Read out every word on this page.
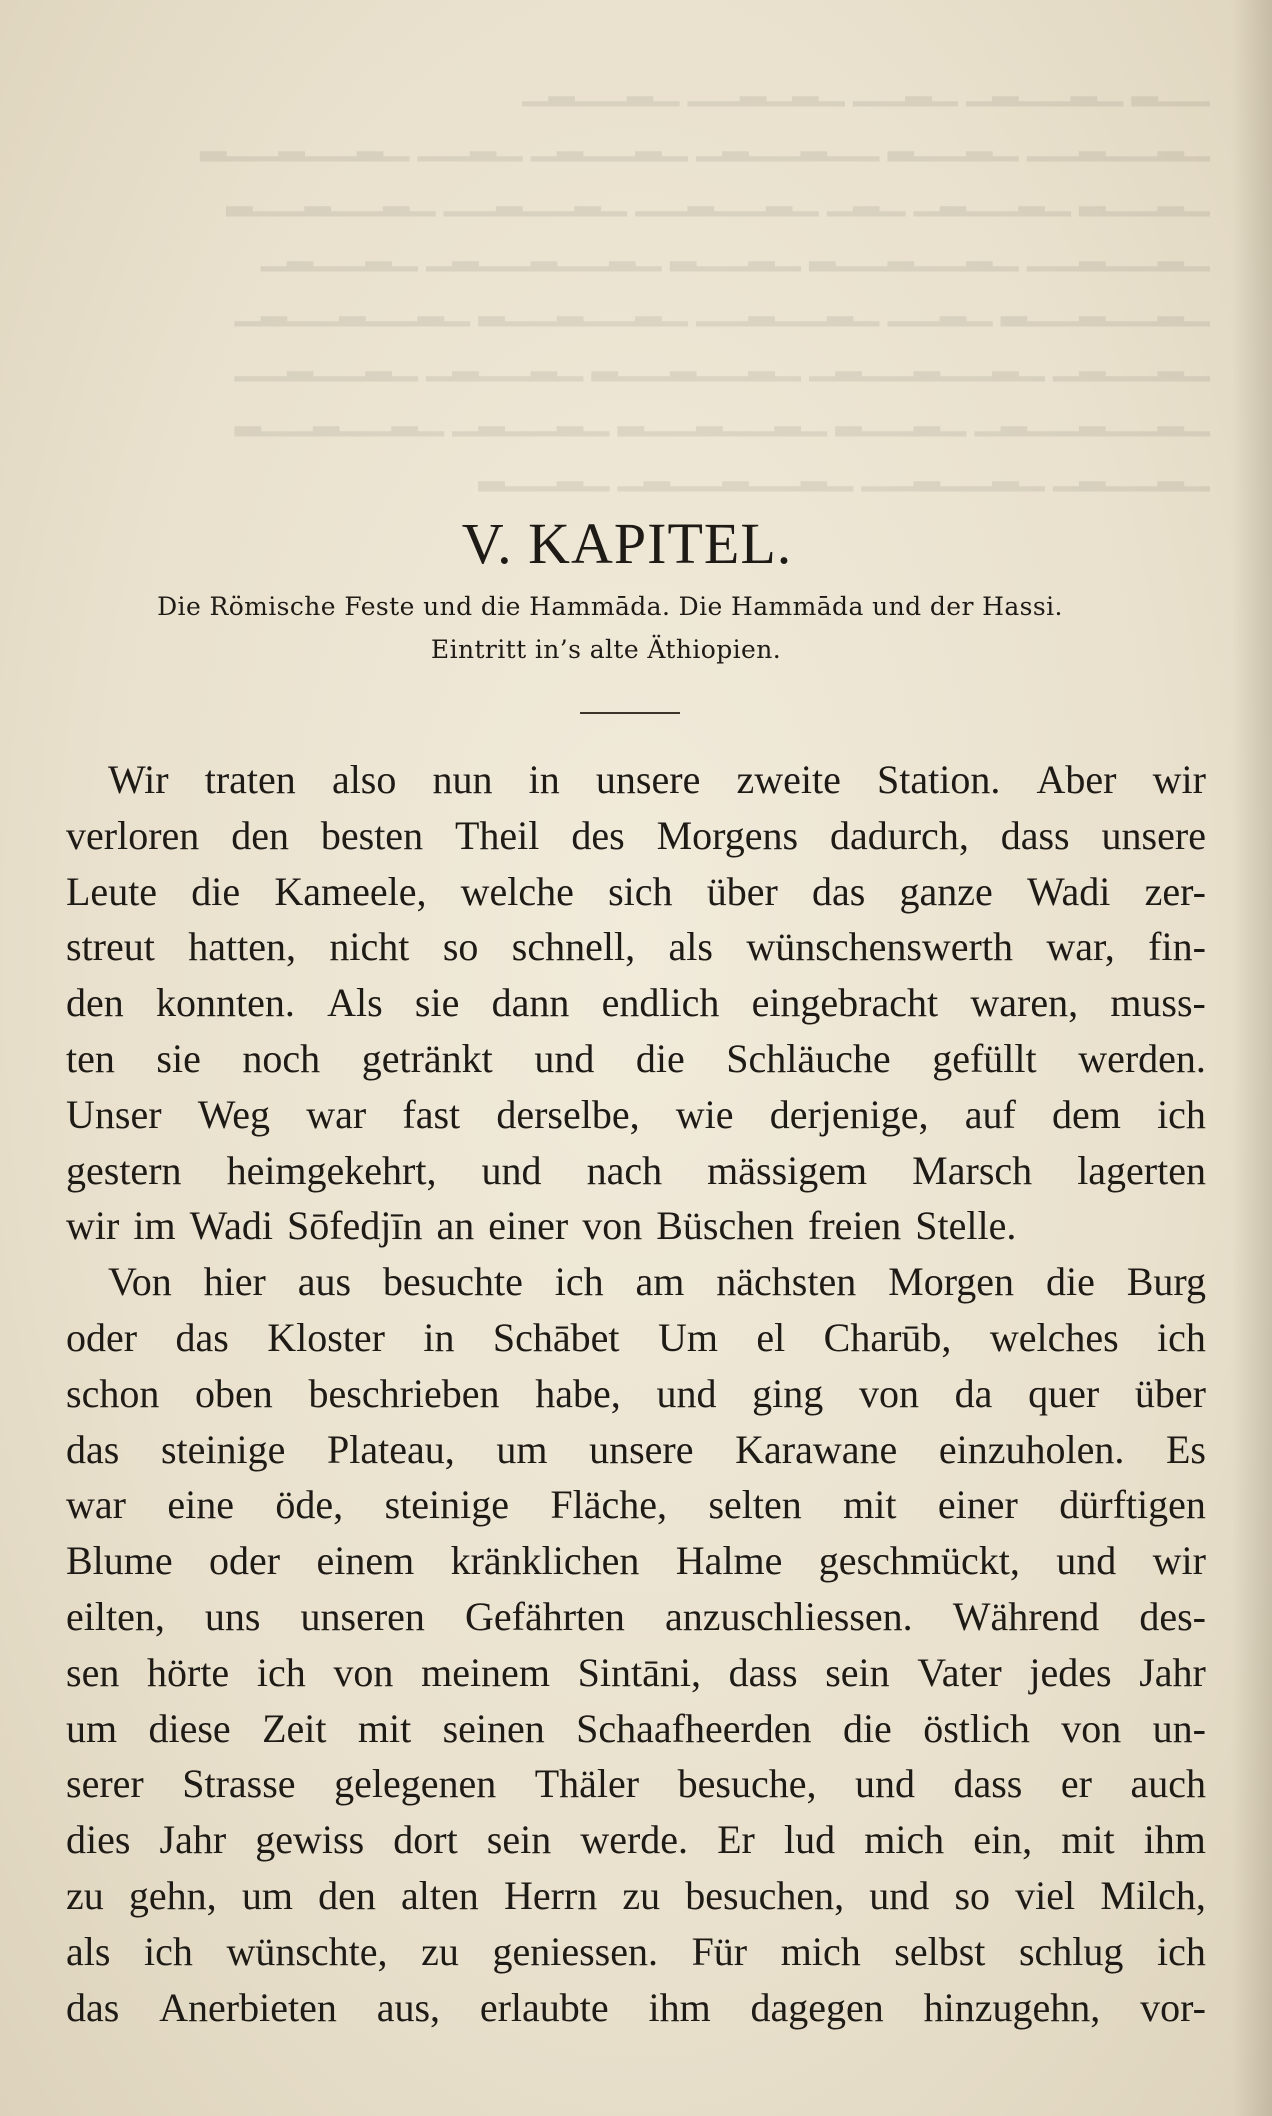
▁▁▂ ▁▂▁▁▂▁ ▁▂▁▁ ▁▂▁▂▁▁ ▁▂▁▁▂▁
▁▂▁▁▂▁▁ ▁▂▁▁▂ ▁▁▂▁▁▂▁ ▁▂▁▁▂▁ ▁▂▁▁ ▁▂▁▁▂▁▁▂
▁▂▁▁▂ ▁▂▁▁▂▁ ▁▂▁ ▁▂▁▁▂▁▁ ▁▂▁▁▂▁▁ ▁▂▁▁▂▁▁▂
▁▂▁▁▂▁▁ ▁▂▁▁▂▁▁▂ ▁▂▁▁▂ ▁▂▁▁▂▁▁▂▁ ▁▂▁▁▂▁
▁▂▁▁▂▁▁▂ ▁▂▁▁ ▁▂▁▁▂▁▁ ▁▂▁▁▂▁▁▂ ▁▂▁▁▂▁▁▂▁
▁▂▁▁▂▁ ▁▂▁▁▂▁▁▂▁ ▁▂▁▁▂▁▁▂ ▁▂▁▁▂▁ ▁▂▁▁▂▁▁
▁▂▁▁▂▁▁▂▁ ▁▂▁▁▂ ▁▂▁▁▂▁▁▂ ▁▂▁▁▂▁ ▁▂▁▁▂▁▁▂
▁▂▁▁▂▁ ▁▂▁▁▂▁▁ ▁▂▁▁▂▁▁▂▁ ▁▂▁▁▂
V. KAPITEL.
Die Römische Feste und die Hammāda. Die Hammāda und der Hassi.
Eintritt in’s alte Äthiopien.
Wir traten also nun in unsere zweite Station. Aber wir
verloren den besten Theil des Morgens dadurch, dass unsere
Leute die Kameele, welche sich über das ganze Wadi zer-
streut hatten, nicht so schnell, als wünschenswerth war, fin-
den konnten. Als sie dann endlich eingebracht waren, muss-
ten sie noch getränkt und die Schläuche gefüllt werden.
Unser Weg war fast derselbe, wie derjenige, auf dem ich
gestern heimgekehrt, und nach mässigem Marsch lagerten
wir im Wadi Sōfedjīn an einer von Büschen freien Stelle.
Von hier aus besuchte ich am nächsten Morgen die Burg
oder das Kloster in Schābet Um el Charūb, welches ich
schon oben beschrieben habe, und ging von da quer über
das steinige Plateau, um unsere Karawane einzuholen. Es
war eine öde, steinige Fläche, selten mit einer dürftigen
Blume oder einem kränklichen Halme geschmückt, und wir
eilten, uns unseren Gefährten anzuschliessen. Während des-
sen hörte ich von meinem Sintāni, dass sein Vater jedes Jahr
um diese Zeit mit seinen Schaafheerden die östlich von un-
serer Strasse gelegenen Thäler besuche, und dass er auch
dies Jahr gewiss dort sein werde. Er lud mich ein, mit ihm
zu gehn, um den alten Herrn zu besuchen, und so viel Milch,
als ich wünschte, zu geniessen. Für mich selbst schlug ich
das Anerbieten aus, erlaubte ihm dagegen hinzugehn, vor-
